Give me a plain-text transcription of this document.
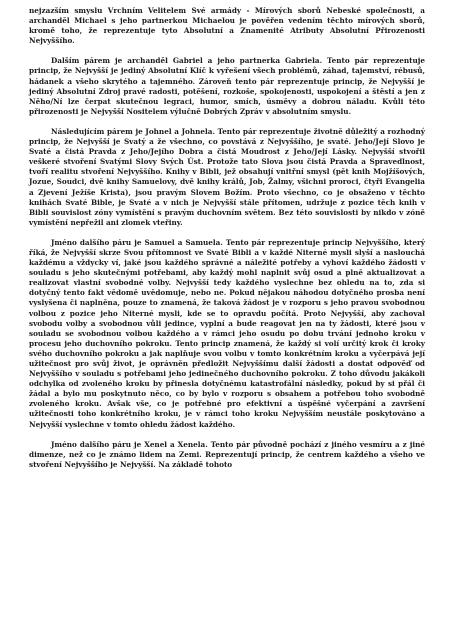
nejzazším smyslu Vrchním Velitelem Své armády - Mírových sborů Nebeské společnosti, a archanděl Michael s jeho partnerkou Michaelou je pověřen vedením těchto mírových sborů, kromě toho, že reprezentuje tyto Absolutní a Znamenité Atributy Absolutní Přirozenosti Nejvyššího.

Dalším párem je archanděl Gabriel a jeho partnerka Gabriela. Tento pár reprezentuje princip, že Nejvyšší je jediný Absolutní Klíč k vyřešení všech problémů, záhad, tajemství, rébusů, hádanek a všeho skrytého a tajemného. Zároveň tento pár reprezentuje princip, že Nejvyšší je jediný Absolutní Zdroj pravé radosti, potěšení, rozkoše, spokojenosti, uspokojení a štěstí a jen z Něho/Ní lze čerpat skutečnou legraci, humor, smích, úsměvy a dobrou náladu. Kvůli této přirozenosti je Nejvyšší Nositelem výlučně Dobrých Zpráv v absolutním smyslu.

Následujícím párem je Johnel a Johnela. Tento pár reprezentuje životně důležitý a rozhodný princip, že Nejvyšší je Svatý a že všechno, co povstává z Nejvyššího, je svaté. Jeho/Její Slovo je Svaté a čistá Pravda z Jeho/Jejího Dobra a čistá Moudrost z Jeho/Její Lásky. Nejvyšší stvořil veškeré stvoření Svatými Slovy Svých Úst. Protože tato Slova jsou čistá Pravda a Spravedlnost, tvoří realitu stvoření Nejvyššího. Knihy v Bibli, jež obsahují vnitřní smysl (pět knih Mojžíšových, Jozue, Soudci, dvě knihy Samuelovy, dvě knihy králů, Job, Žalmy, všichni proroci, čtyři Evangelia a Zjevení Ježíše Krista), jsou pravým Slovem Božím. Proto všechno, co je obsaženo v těchto knihách Svaté Bible, je Svaté a v nich je Nejvyšší stále přítomen, udržuje z pozice těch knih v Bibli souvislost zóny vymístění s pravým duchovním světem. Bez této souvislosti by nikdo v zóně vymístění nepřežil ani zlomek vteřiny.

Jméno dalšího páru je Samuel a Samuela. Tento pár reprezentuje princip Nejvyššího, který říká, že Nejvyšší skrze Svou přítomnost ve Svaté Bibli a v každé Niterné mysli slyší a naslouchá každému a vždycky ví, jaké jsou každého správné a náležité potřeby a vyhoví každého žádosti v souladu s jeho skutečnými potřebami, aby každý mohl naplnit svůj osud a plně aktualizovat a realizovat vlastní svobodné volby. Nejvyšší tedy každého vyslechne bez ohledu na to, zda si dotyčný tento fakt vědomě uvědomuje, nebo ne. Pokud nějakou náhodou dotyčného prosba není vyslyšena či naplněna, pouze to znamená, že taková žádost je v rozporu s jeho pravou svobodnou volbou z pozice jeho Niterné mysli, kde se to opravdu počítá. Proto Nejvyšší, aby zachoval svobodu volby a svobodnou vůli jedince, vyplní a bude reagovat jen na ty žádosti, které jsou v souladu se svobodnou volbou každého a v rámci jeho osudu po dobu trvání jednoho kroku v procesu jeho duchovního pokroku. Tento princip znamená, že každý si volí určitý krok či kroky svého duchovního pokroku a jak naplňuje svou volbu v tomto konkrétním kroku a vyčerpává její užitečnost pro svůj život, je oprávněn předložit Nejvyššímu další žádosti a dostat odpověď od Nejvyššího v souladu s potřebami jeho jedinečného duchovního pokroku. Z toho důvodu jakákoli odchylka od zvoleného kroku by přinesla dotyčnému katastrofální následky, pokud by si přál či žádal a bylo mu poskytnuto něco, co by bylo v rozporu s obsahem a potřebou toho svobodně zvoleného kroku. Avšak vše, co je potřebné pro efektivní a úspěšné vyčerpání a završení užitečnosti toho konkrétního kroku, je v rámci toho kroku Nejvyšším neustále poskytováno a Nejvyšší vyslechne v tomto ohledu žádost každého.

Jméno dalšího páru je Xenel a Xenela. Tento pár původně pochází z jiného vesmíru a z jiné dimenze, než co je známo lidem na Zemi. Reprezentují princip, že centrem každého a všeho ve stvoření Nejvyššího je Nejvyšší. Na základě tohoto
